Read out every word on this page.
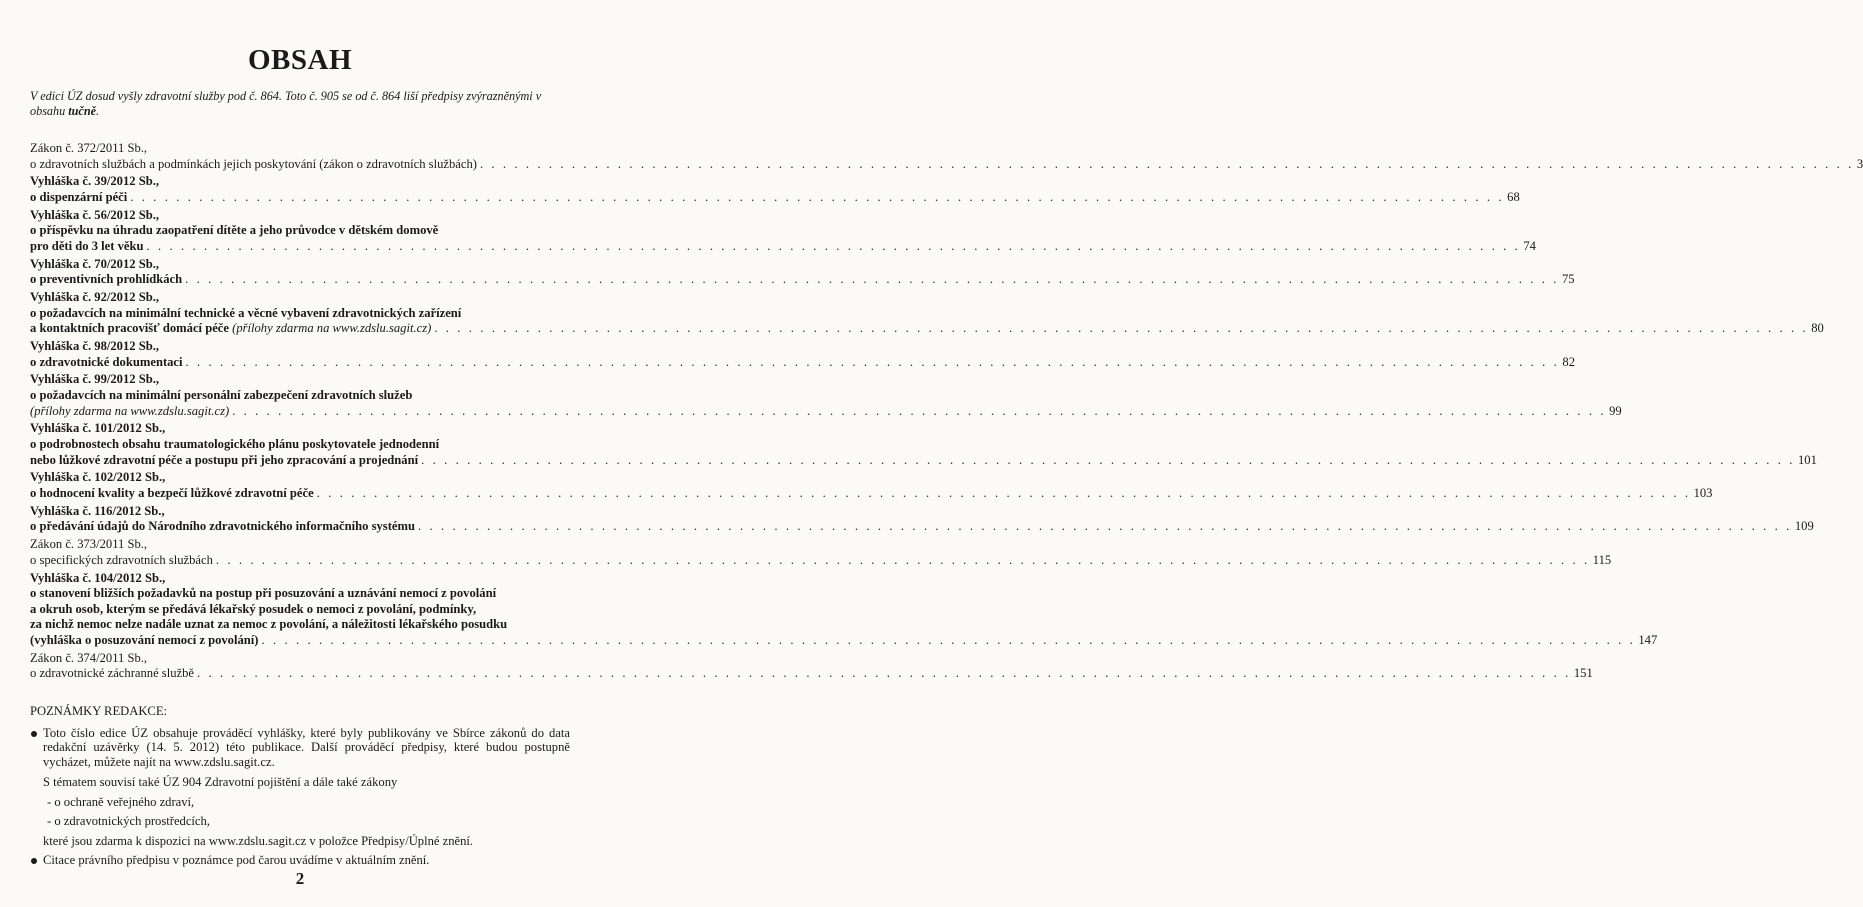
OBSAH
V edici ÚZ dosud vyšly zdravotní služby pod č. 864. Toto č. 905 se od č. 864 liší předpisy zvýrazněnými v obsahu tučně.
Zákon č. 372/2011 Sb.,
o zdravotních službách a podmínkách jejich poskytování (zákon o zdravotních službách) . . . . . . . . . . . . . . . . . . . . . . . . . . . . . . . . . . . . . . . . . . . . . . . . . . . . . . . . . . . . . . . . . . . . . . . . . . . . . . . . . . . . . . . . . . . . . . . . . . . . . . . . . . . . . . . . . . . . . . . . 3
Vyhláška č. 39/2012 Sb.,
o dispenzární péči . . . . . . . . . . . . . . . . . . . . . . . . . . . . . . . . . . . . . . . . . . . . . . . . . . . . . . . . . . . . . . . . . . . . . . . . . . . . . . . . . . . . . . . . . . . . . . . . . . . . . . . . . . . . . . . . . . . . . . . . 68
Vyhláška č. 56/2012 Sb.,
o příspěvku na úhradu zaopatření dítěte a jeho průvodce v dětském domově
pro děti do 3 let věku . . . . . . . . . . . . . . . . . . . . . . . . . . . . . . . . . . . . . . . . . . . . . . . . . . . . . . . . . . . . . . . . . . . . . . . . . . . . . . . . . . . . . . . . . . . . . . . . . . . . . . . . . . . . . . . . . . . . . . . . 74
Vyhláška č. 70/2012 Sb.,
o preventivních prohlídkách . . . . . . . . . . . . . . . . . . . . . . . . . . . . . . . . . . . . . . . . . . . . . . . . . . . . . . . . . . . . . . . . . . . . . . . . . . . . . . . . . . . . . . . . . . . . . . . . . . . . . . . . . . . . . . . . . . . . . . . . 75
Vyhláška č. 92/2012 Sb.,
o požadavcích na minimální technické a věcné vybavení zdravotnických zařízení
a kontaktních pracovišť domácí péče (přílohy zdarma na www.zdslu.sagit.cz) . . . . . . . . . . . . . . . . . . . . . . . . . . . . . . . . . . . . . . . . . . . . . . . . . . . . . . . . . . . . . . . . . . . . . . . . . . . . . . . . . . . . . . . . . . . . . . . . . . . . . . . . . . . . . . . . . . . . . . . . 80
Vyhláška č. 98/2012 Sb.,
o zdravotnické dokumentaci . . . . . . . . . . . . . . . . . . . . . . . . . . . . . . . . . . . . . . . . . . . . . . . . . . . . . . . . . . . . . . . . . . . . . . . . . . . . . . . . . . . . . . . . . . . . . . . . . . . . . . . . . . . . . . . . . . . . . . . . 82
Vyhláška č. 99/2012 Sb.,
o požadavcích na minimální personální zabezpečení zdravotních služeb
(přílohy zdarma na www.zdslu.sagit.cz) . . . . . . . . . . . . . . . . . . . . . . . . . . . . . . . . . . . . . . . . . . . . . . . . . . . . . . . . . . . . . . . . . . . . . . . . . . . . . . . . . . . . . . . . . . . . . . . . . . . . . . . . . . . . . . . . . . . . . . . . 99
Vyhláška č. 101/2012 Sb.,
o podrobnostech obsahu traumatologického plánu poskytovatele jednodenní
nebo lůžkové zdravotní péče a postupu při jeho zpracování a projednání . . . . . . . . . . . . . . . . . . . . . . . . . . . . . . . . . . . . . . . . . . . . . . . . . . . . . . . . . . . . . . . . . . . . . . . . . . . . . . . . . . . . . . . . . . . . . . . . . . . . . . . . . . . . . . . . . . . . . . . . 101
Vyhláška č. 102/2012 Sb.,
o hodnocení kvality a bezpečí lůžkové zdravotní péče . . . . . . . . . . . . . . . . . . . . . . . . . . . . . . . . . . . . . . . . . . . . . . . . . . . . . . . . . . . . . . . . . . . . . . . . . . . . . . . . . . . . . . . . . . . . . . . . . . . . . . . . . . . . . . . . . . . . . . . . 103
Vyhláška č. 116/2012 Sb.,
o předávání údajů do Národního zdravotnického informačního systému . . . . . . . . . . . . . . . . . . . . . . . . . . . . . . . . . . . . . . . . . . . . . . . . . . . . . . . . . . . . . . . . . . . . . . . . . . . . . . . . . . . . . . . . . . . . . . . . . . . . . . . . . . . . . . . . . . . . . . . . 109
Zákon č. 373/2011 Sb.,
o specifických zdravotních službách . . . . . . . . . . . . . . . . . . . . . . . . . . . . . . . . . . . . . . . . . . . . . . . . . . . . . . . . . . . . . . . . . . . . . . . . . . . . . . . . . . . . . . . . . . . . . . . . . . . . . . . . . . . . . . . . . . . . . . . . 115
Vyhláška č. 104/2012 Sb.,
o stanovení bližších požadavků na postup při posuzování a uznávání nemocí z povolání
a okruh osob, kterým se předává lékařský posudek o nemoci z povolání, podmínky,
za nichž nemoc nelze nadále uznat za nemoc z povolání, a náležitosti lékařského posudku
(vyhláška o posuzování nemocí z povolání) . . . . . . . . . . . . . . . . . . . . . . . . . . . . . . . . . . . . . . . . . . . . . . . . . . . . . . . . . . . . . . . . . . . . . . . . . . . . . . . . . . . . . . . . . . . . . . . . . . . . . . . . . . . . . . . . . . . . . . . . 147
Zákon č. 374/2011 Sb.,
o zdravotnické záchranné službě . . . . . . . . . . . . . . . . . . . . . . . . . . . . . . . . . . . . . . . . . . . . . . . . . . . . . . . . . . . . . . . . . . . . . . . . . . . . . . . . . . . . . . . . . . . . . . . . . . . . . . . . . . . . . . . . . . . . . . . . 151
POZNÁMKY REDAKCE:
Toto číslo edice ÚZ obsahuje prováděcí vyhlášky, které byly publikovány ve Sbírce zákonů do data redakční uzávěrky (14. 5. 2012) této publikace. Další prováděcí předpisy, které budou postupně vycházet, můžete najít na www.zdslu.sagit.cz.
S tématem souvisí také ÚZ 904 Zdravotní pojištění a dále také zákony
- o ochraně veřejného zdraví,
- o zdravotnických prostředcích,
které jsou zdarma k dispozici na www.zdslu.sagit.cz v položce Předpisy/Úplné znění.
Citace právního předpisu v poznámce pod čarou uvádíme v aktuálním znění.
2
